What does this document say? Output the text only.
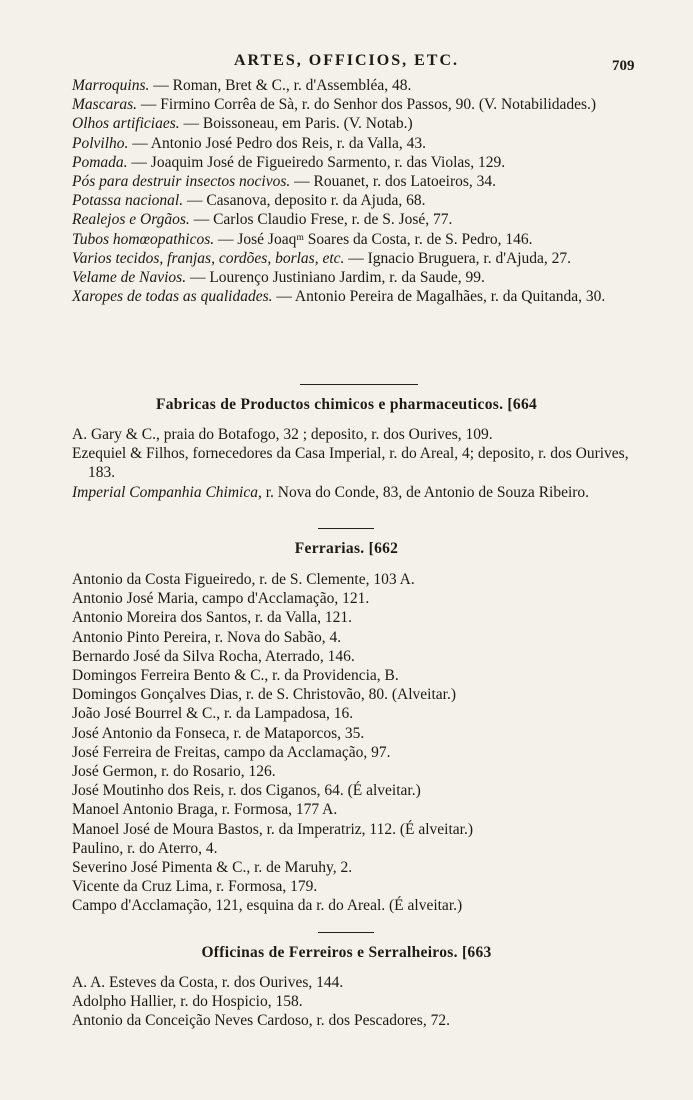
ARTES, OFFICIOS, ETC.	709
Marroquins. — Roman, Bret & C., r. d'Assembléa, 48.
Mascaras. — Firmino Corrêa de Sà, r. do Senhor dos Passos, 90. (V. Notabilidades.)
Olhos artificiaes. — Boissoneau, em Paris. (V. Notab.)
Polvilho. — Antonio José Pedro dos Reis, r. da Valla, 43.
Pomada. — Joaquim José de Figueiredo Sarmento, r. das Violas, 129.
Pós para destruir insectos nocivos. — Rouanet, r. dos Latoeiros, 34.
Potassa nacional. — Casanova, deposito r. da Ajuda, 68.
Realejos e Orgãos. — Carlos Claudio Frese, r. de S. José, 77.
Tubos homœopathicos. — José Joaqᵐ Soares da Costa, r. de S. Pedro, 146.
Varios tecidos, franjas, cordões, borlas, etc. — Ignacio Bruguera, r. d'Ajuda, 27.
Velame de Navios. — Lourenço Justiniano Jardim, r. da Saude, 99.
Xaropes de todas as qualidades. — Antonio Pereira de Magalhães, r. da Quitanda, 30.
Fabricas de Productos chimicos e pharmaceuticos. [664
A. Gary & C., praia do Botafogo, 32 ; deposito, r. dos Ourives, 109.
Ezequiel & Filhos, fornecedores da Casa Imperial, r. do Areal, 4; deposito, r. dos Ourives, 183.
Imperial Companhia Chimica, r. Nova do Conde, 83, de Antonio de Souza Ribeiro.
Ferrarias. [662
Antonio da Costa Figueiredo, r. de S. Clemente, 103 A.
Antonio José Maria, campo d'Acclamação, 121.
Antonio Moreira dos Santos, r. da Valla, 121.
Antonio Pinto Pereira, r. Nova do Sabão, 4.
Bernardo José da Silva Rocha, Aterrado, 146.
Domingos Ferreira Bento & C., r. da Providencia, B.
Domingos Gonçalves Dias, r. de S. Christovão, 80. (Alveitar.)
João José Bourrel & C., r. da Lampadosa, 16.
José Antonio da Fonseca, r. de Mataporcos, 35.
José Ferreira de Freitas, campo da Acclamação, 97.
José Germon, r. do Rosario, 126.
José Moutinho dos Reis, r. dos Ciganos, 64. (É alveitar.)
Manoel Antonio Braga, r. Formosa, 177 A.
Manoel José de Moura Bastos, r. da Imperatriz, 112. (É alveitar.)
Paulino, r. do Aterro, 4.
Severino José Pimenta & C., r. de Maruhy, 2.
Vicente da Cruz Lima, r. Formosa, 179.
Campo d'Acclamação, 121, esquina da r. do Areal. (É alveitar.)
Officinas de Ferreiros e Serralheiros. [663
A. A. Esteves da Costa, r. dos Ourives, 144.
Adolpho Hallier, r. do Hospicio, 158.
Antonio da Conceição Neves Cardoso, r. dos Pescadores, 72.
